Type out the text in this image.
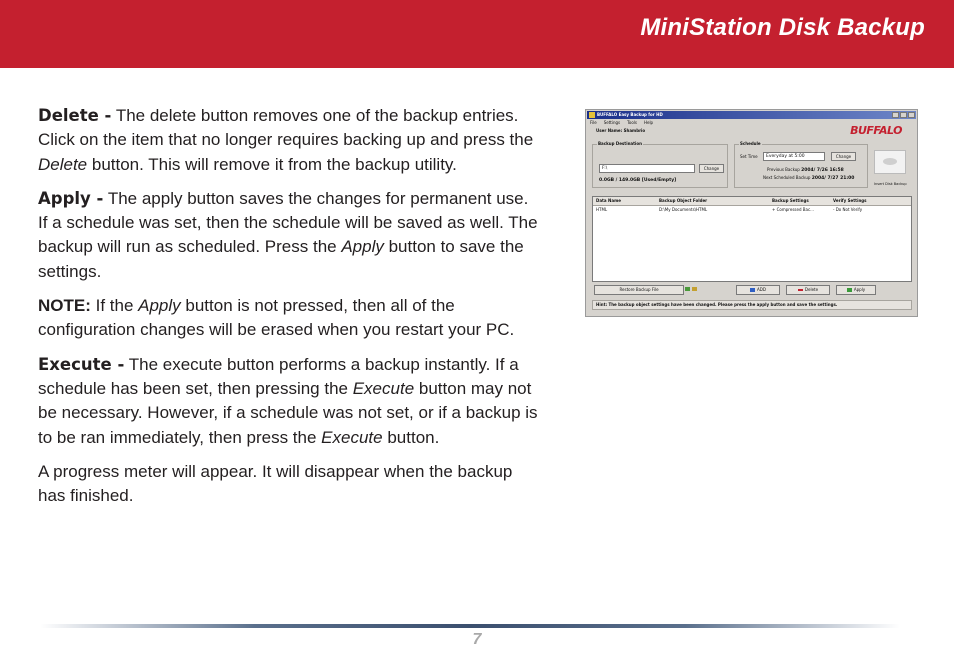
MiniStation Disk Backup

Delete - The delete button removes one of the backup entries. Click on the item that no longer requires backing up and press the Delete button. This will remove it from the backup utility.

Apply - The apply button saves the changes for permanent use. If a schedule was set, then the schedule will be saved as well. The backup will run as scheduled. Press the Apply button to save the settings.

NOTE: If the Apply button is not pressed, then all of the configuration changes will be erased when you restart your PC.

Execute - The execute button performs a backup instantly. If a schedule has been set, then pressing the Execute button may not be necessary. However, if a schedule was not set, or if a backup is to be ran immediately, then press the Execute button.

A progress meter will appear. It will disappear when the backup has finished.

BUFFALO Easy Backup for HD
File Settings Tools Help
User Name: Shambrio	BUFFALO
Backup Destination
F:\	Change
0.0GB / 149.0GB [Used/Empty]
Schedule
Set Time	Everyday at 5:00	Change
Previous Backup 2004/ 7/26 16:58
Next Scheduled Backup 2004/ 7/27 21:00
Insert Disk Backup
Data Name	Backup Object Folder	Backup Settings	Verify Settings
HTML	D:\My Documents\HTML	+ Compressed Bac...	- Do Not Verify
Restore Backup File	ADD	Delete	Apply
Hint: The backup object settings have been changed. Please press the apply button and save the settings.
7
